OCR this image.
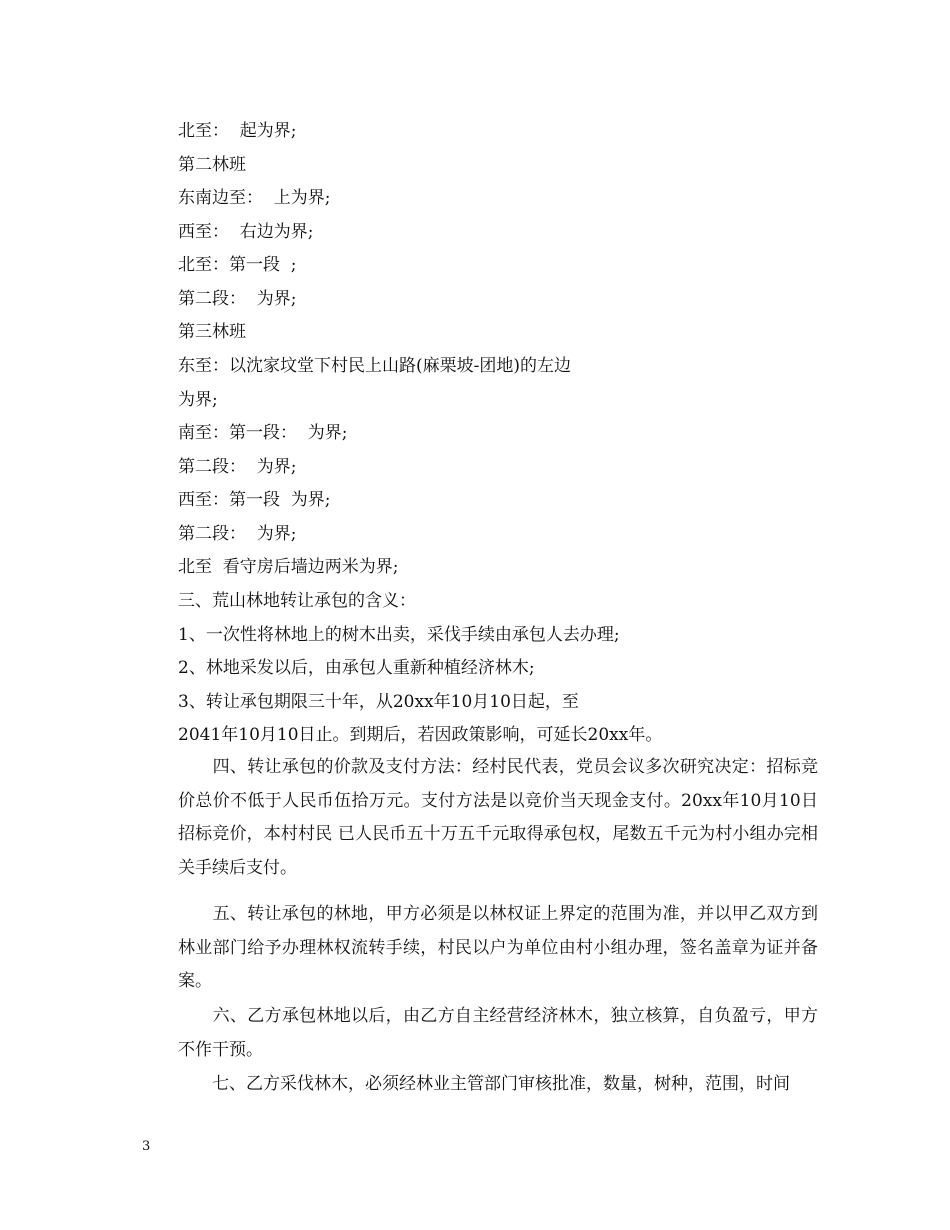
北至：  起为界;
第二林班
东南边至：  上为界;
西至：  右边为界;
北至：第一段  ;
第二段：  为界;
第三林班
东至：以沈家坟堂下村民上山路(麻栗坡-团地)的左边
为界;
南至：第一段：  为界;
第二段：  为界;
西至：第一段  为界;
第二段：  为界;
北至  看守房后墙边两米为界;
三、荒山林地转让承包的含义：
1、一次性将林地上的树木出卖，采伐手续由承包人去办理;
2、林地采发以后，由承包人重新种植经济林木;
3、转让承包期限三十年，从20xx年10月10日起，至
2041年10月10日止。到期后，若因政策影响，可延长20xx年。
　　四、转让承包的价款及支付方法：经村民代表，党员会议多次研究决定：招标竞价总价不低于人民币伍拾万元。支付方法是以竞价当天现金支付。20xx年10月10日招标竞价，本村村民 已人民币五十万五千元取得承包权，尾数五千元为村小组办完相关手续后支付。
　　五、转让承包的林地，甲方必须是以林权证上界定的范围为准，并以甲乙双方到林业部门给予办理林权流转手续，村民以户为单位由村小组办理，签名盖章为证并备案。
　　六、乙方承包林地以后，由乙方自主经营经济林木，独立核算，自负盈亏，甲方不作干预。
　　七、乙方采伐林木，必须经林业主管部门审核批准，数量，树种，范围，时间
3
